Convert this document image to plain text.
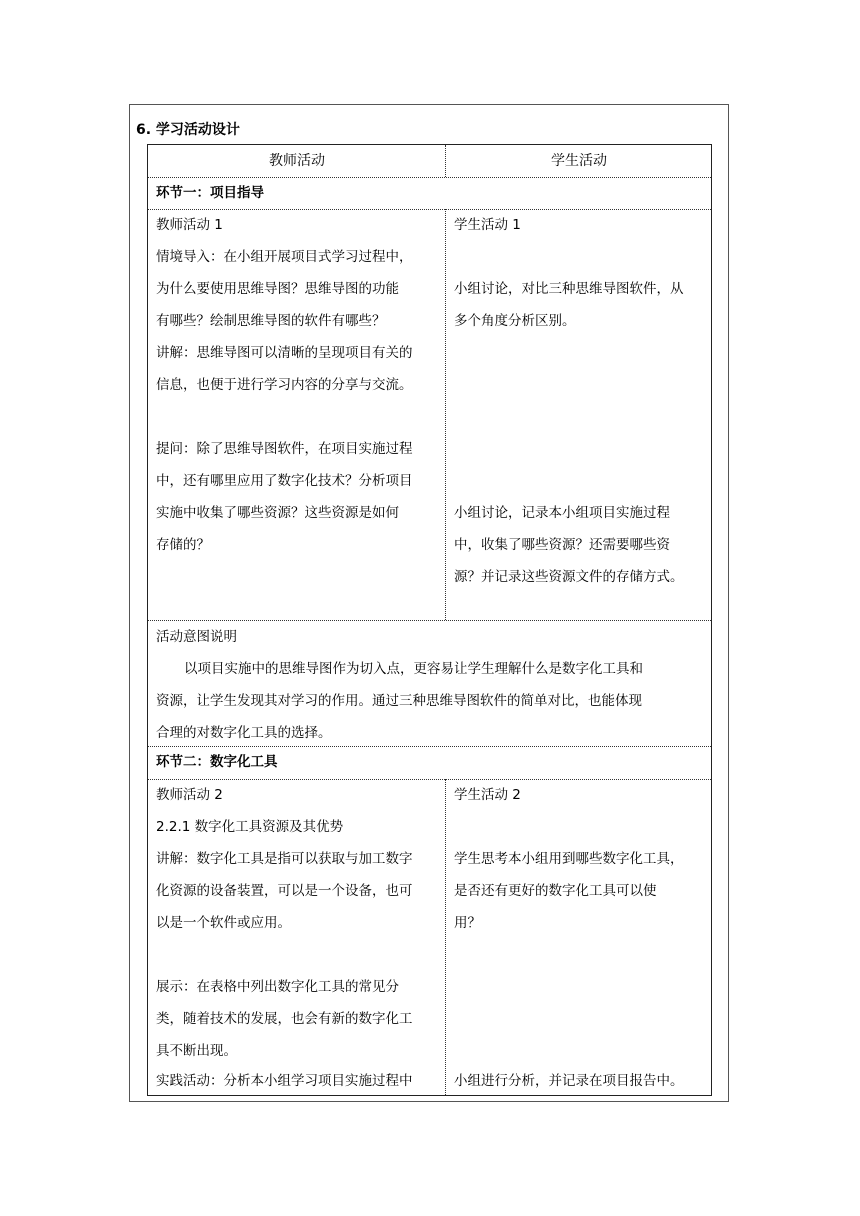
6. 学习活动设计
教师活动	学生活动
环节一：项目指导
教师活动 1
情境导入：在小组开展项目式学习过程中，
为什么要使用思维导图？思维导图的功能
有哪些？绘制思维导图的软件有哪些？
讲解：思维导图可以清晰的呈现项目有关的
信息，也便于进行学习内容的分享与交流。
提问：除了思维导图软件，在项目实施过程
中，还有哪里应用了数字化技术？分析项目
实施中收集了哪些资源？这些资源是如何
存储的？
学生活动 1
小组讨论，对比三种思维导图软件，从
多个角度分析区别。
小组讨论，记录本小组项目实施过程
中，收集了哪些资源？还需要哪些资
源？并记录这些资源文件的存储方式。
活动意图说明
以项目实施中的思维导图作为切入点，更容易让学生理解什么是数字化工具和
资源，让学生发现其对学习的作用。通过三种思维导图软件的简单对比，也能体现
合理的对数字化工具的选择。
环节二：数字化工具
教师活动 2
2.2.1 数字化工具资源及其优势
讲解：数字化工具是指可以获取与加工数字
化资源的设备装置，可以是一个设备，也可
以是一个软件或应用。
展示：在表格中列出数字化工具的常见分
类，随着技术的发展，也会有新的数字化工
具不断出现。
实践活动：分析本小组学习项目实施过程中
学生活动 2
学生思考本小组用到哪些数字化工具，
是否还有更好的数字化工具可以使
用？
小组进行分析，并记录在项目报告中。
